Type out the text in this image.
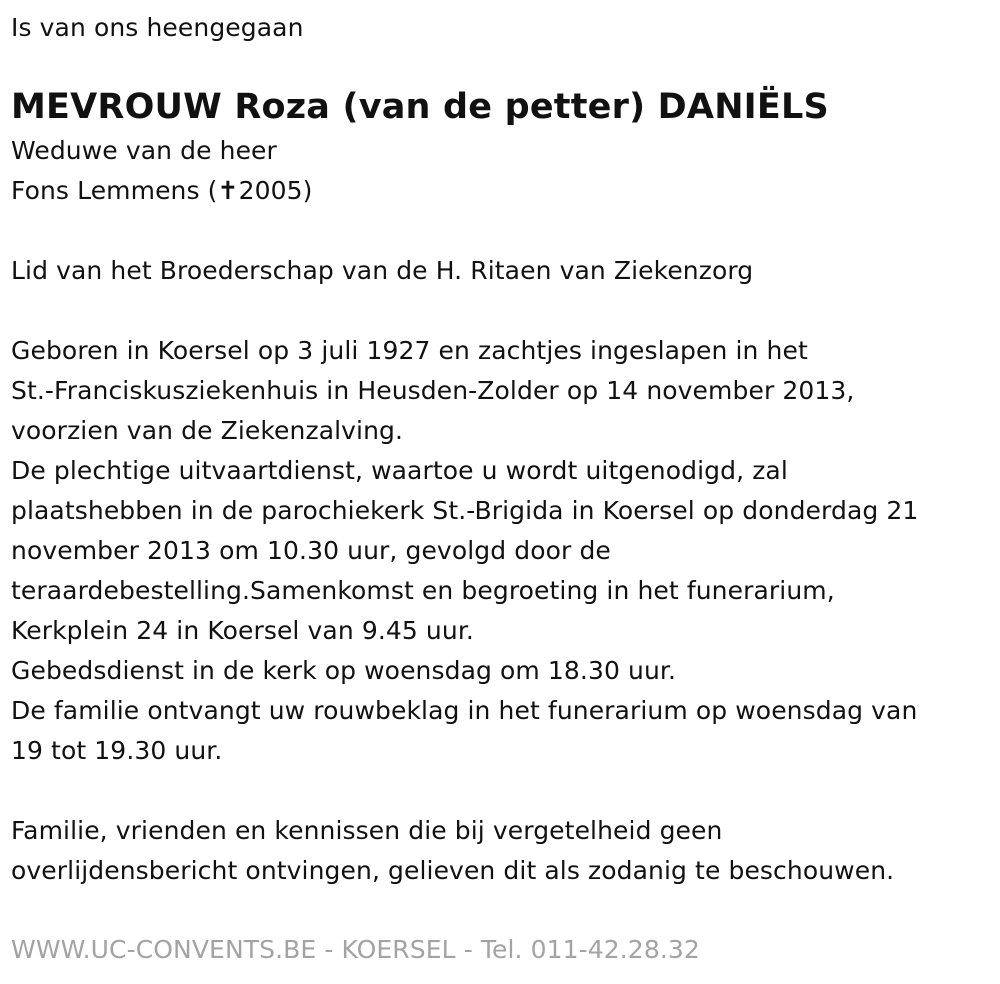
Is van ons heengegaan
MEVROUW Roza (van de petter) DANIËLS
Weduwe van de heer
Fons Lemmens (✝2005)
Lid van het Broederschap van de H. Ritaen van Ziekenzorg
Geboren in Koersel op 3 juli 1927 en zachtjes ingeslapen in het
St.-Franciskusziekenhuis in Heusden-Zolder op 14 november 2013,
voorzien van de Ziekenzalving.
De plechtige uitvaartdienst, waartoe u wordt uitgenodigd, zal
plaatshebben in de parochiekerk St.-Brigida in Koersel op donderdag 21
november 2013 om 10.30 uur, gevolgd door de
teraardebestelling.Samenkomst en begroeting in het funerarium,
Kerkplein 24 in Koersel van 9.45 uur.
Gebedsdienst in de kerk op woensdag om 18.30 uur.
De familie ontvangt uw rouwbeklag in het funerarium op woensdag van
19 tot 19.30 uur.
Familie, vrienden en kennissen die bij vergetelheid geen
overlijdensbericht ontvingen, gelieven dit als zodanig te beschouwen.
WWW.UC-CONVENTS.BE - KOERSEL - Tel. 011-42.28.32
